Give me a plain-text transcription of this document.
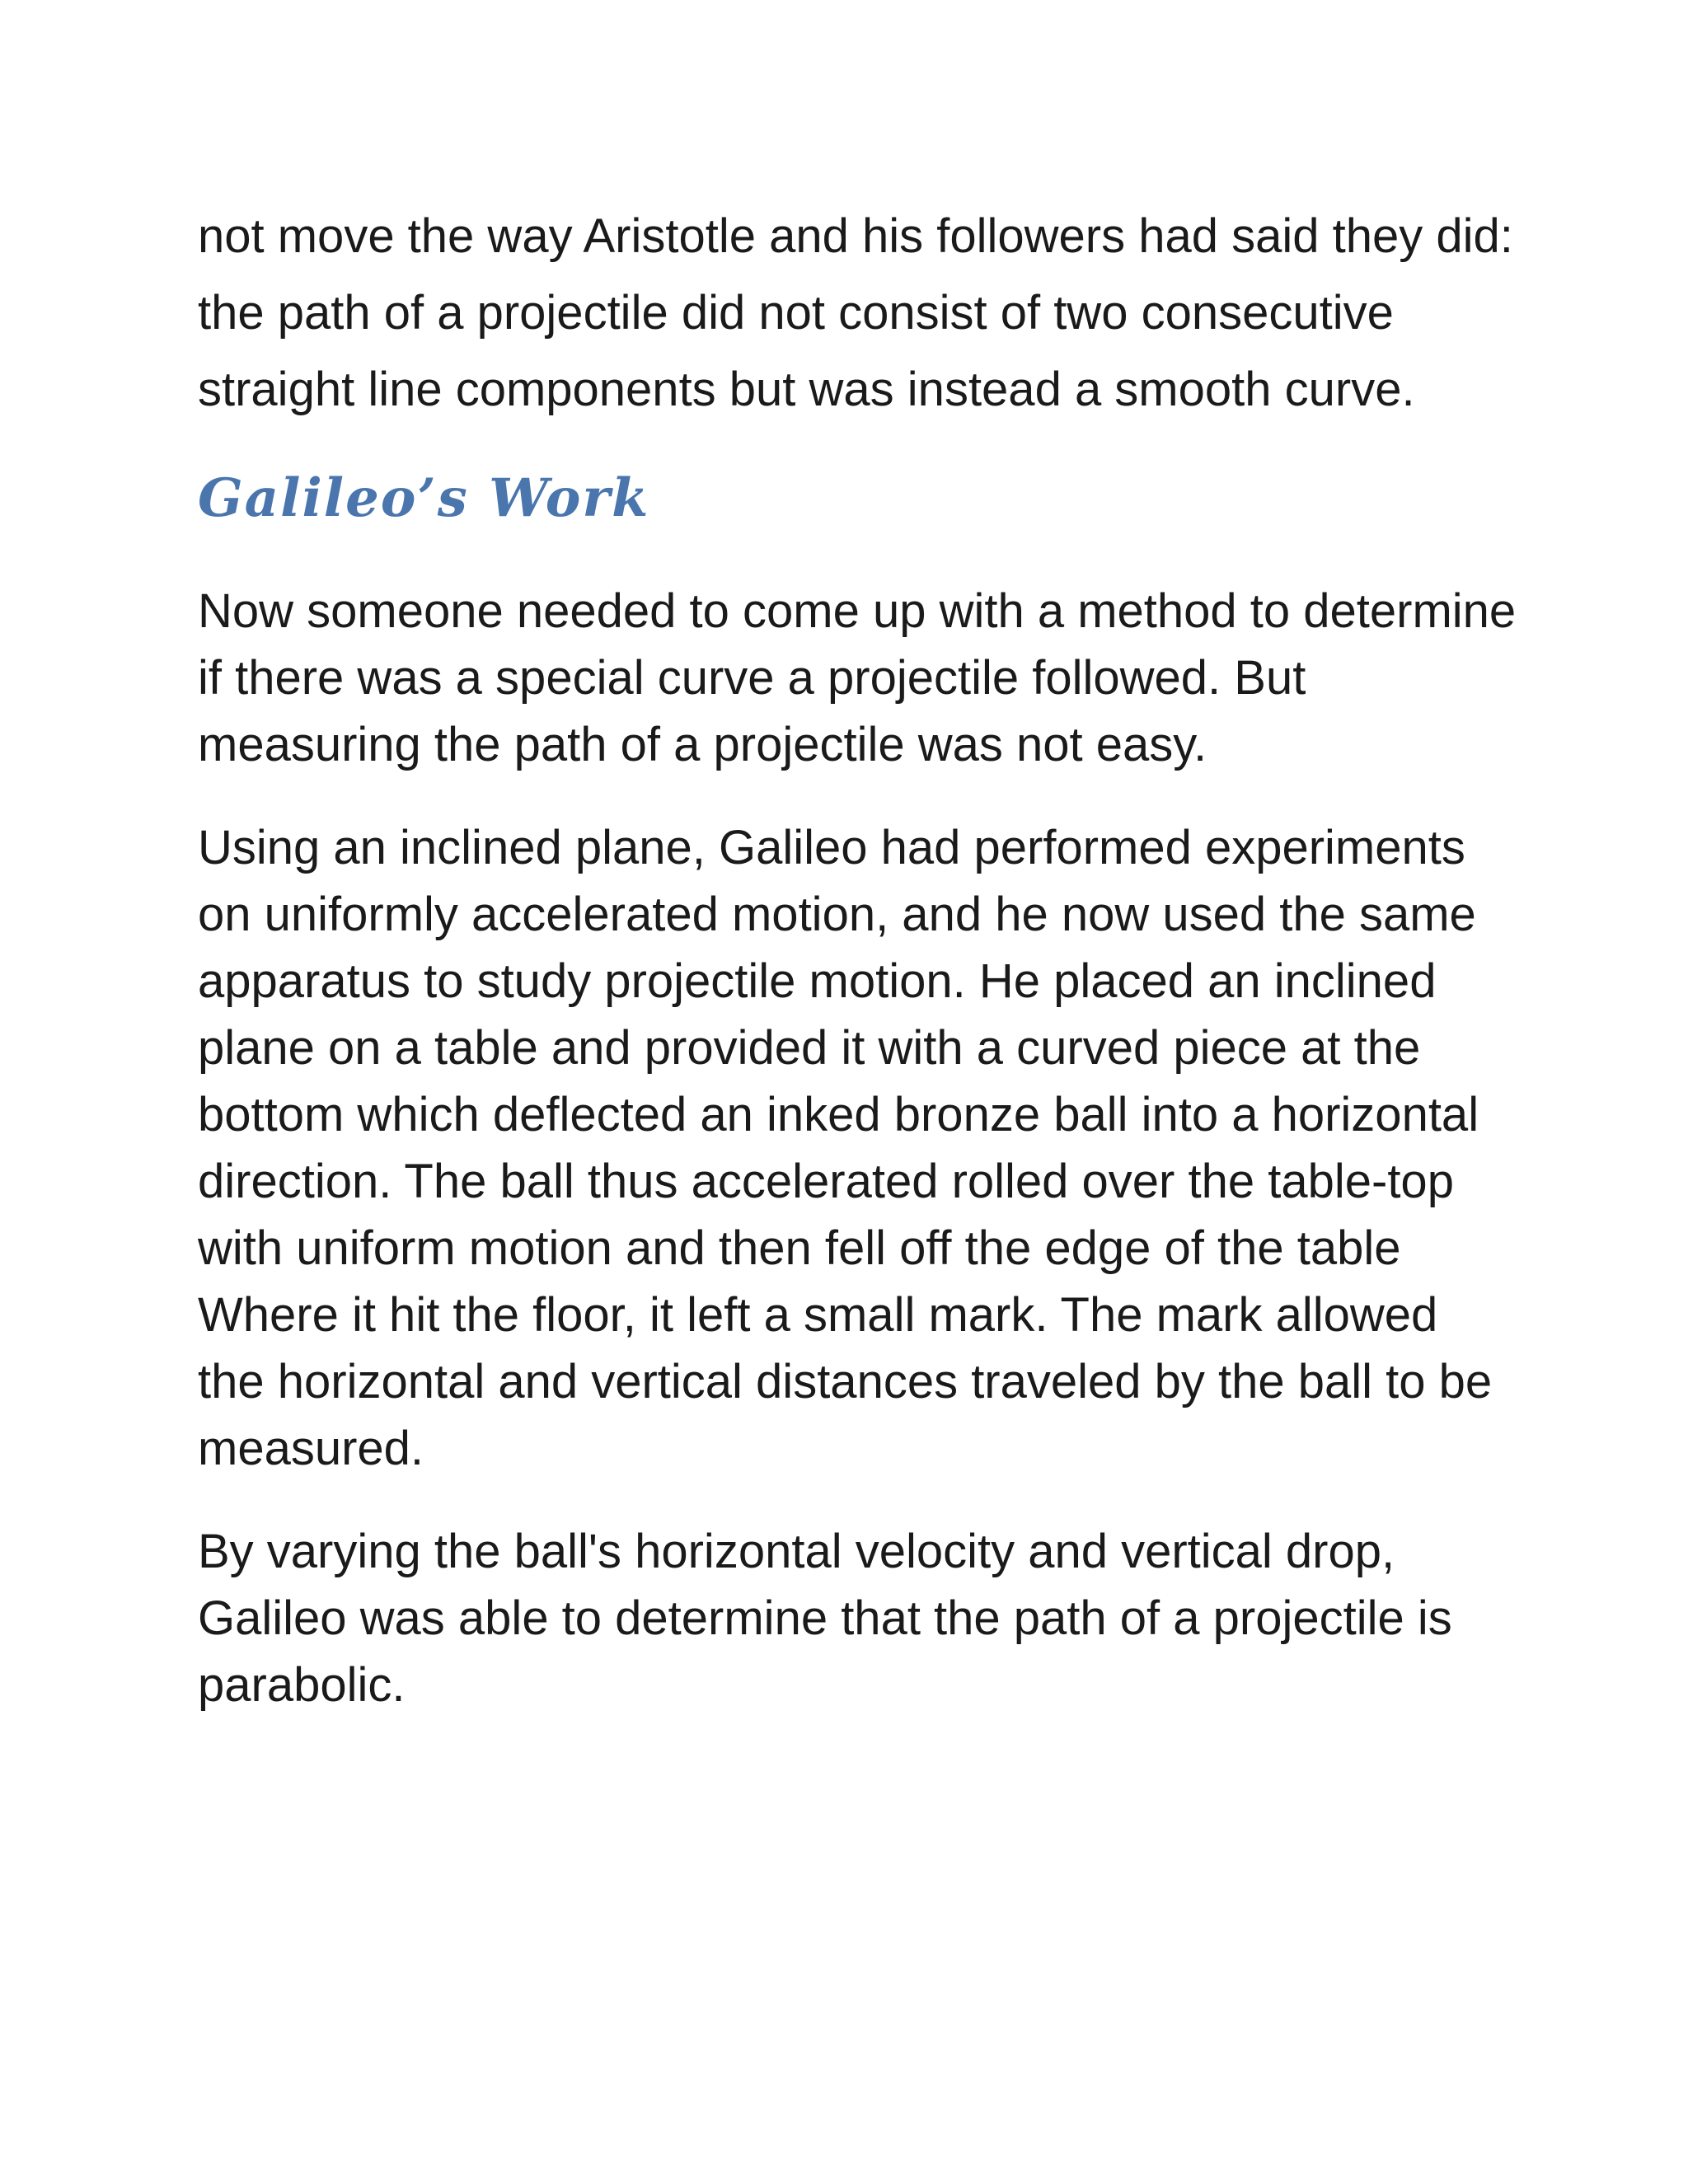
not move the way Aristotle and his followers had said they did: the path of a projectile did not consist of two consecutive straight line components but was instead a smooth curve.

Galileo’s Work

Now someone needed to come up with a method to determine if there was a special curve a projectile followed. But measuring the path of a projectile was not easy.

Using an inclined plane, Galileo had performed experiments on uniformly accelerated motion, and he now used the same apparatus to study projectile motion. He placed an inclined plane on a table and provided it with a curved piece at the bottom which deflected an inked bronze ball into a horizontal direction. The ball thus accelerated rolled over the table-top with uniform motion and then fell off the edge of the table Where it hit the floor, it left a small mark. The mark allowed the horizontal and vertical distances traveled by the ball to be measured.

By varying the ball's horizontal velocity and vertical drop, Galileo was able to determine that the path of a projectile is parabolic.
